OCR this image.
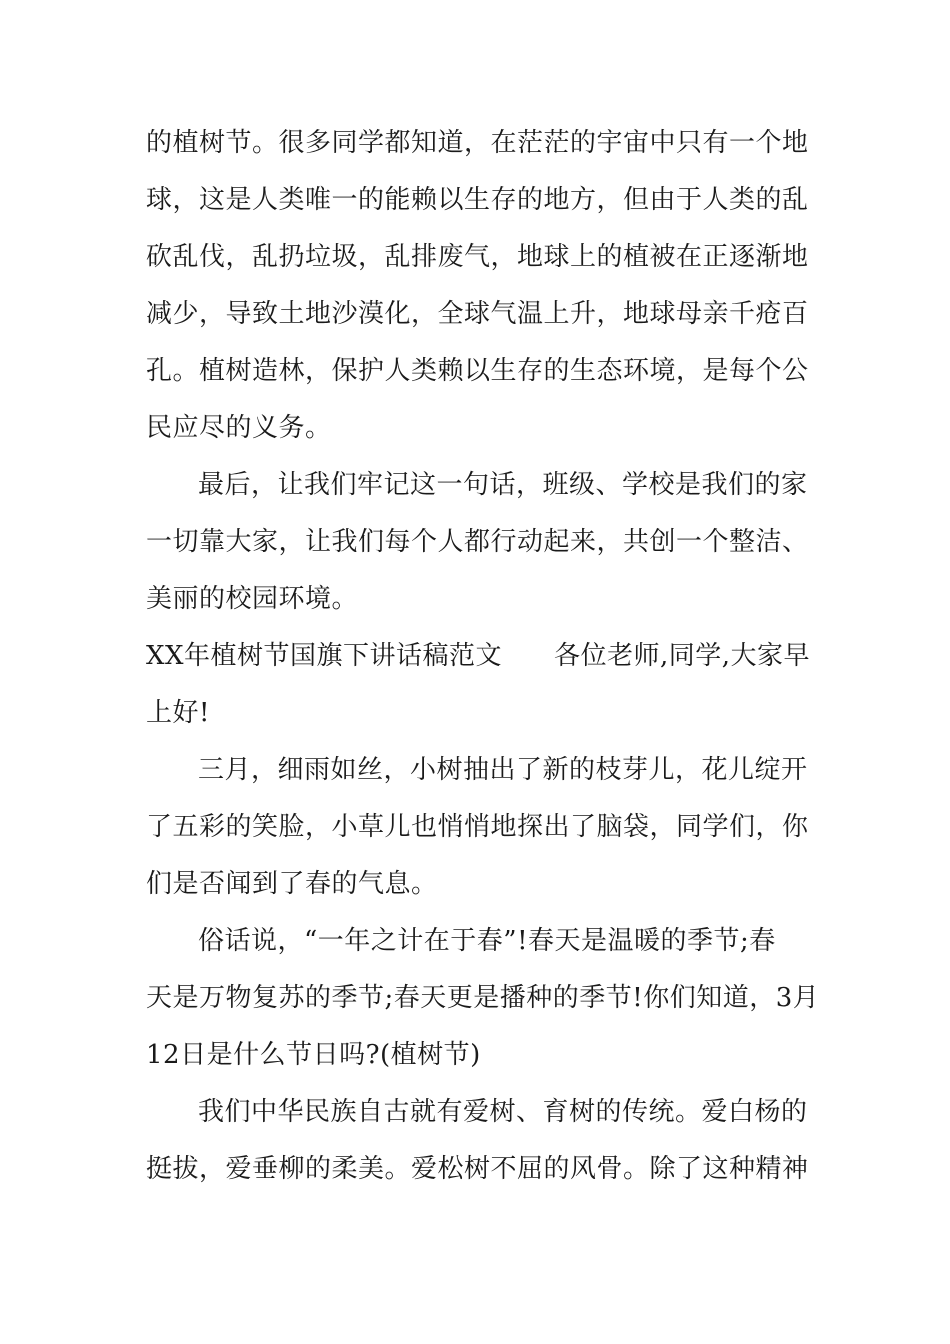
的植树节。很多同学都知道，在茫茫的宇宙中只有一个地
球，这是人类唯一的能赖以生存的地方，但由于人类的乱
砍乱伐，乱扔垃圾，乱排废气，地球上的植被在正逐渐地
减少，导致土地沙漠化，全球气温上升，地球母亲千疮百
孔。植树造林，保护人类赖以生存的生态环境，是每个公
民应尽的义务。
最后，让我们牢记这一句话，班级、学校是我们的家
一切靠大家，让我们每个人都行动起来，共创一个整洁、
美丽的校园环境。
XX年植树节国旗下讲话稿范文 各位老师,同学,大家早
上好!
三月，细雨如丝，小树抽出了新的枝芽儿，花儿绽开
了五彩的笑脸，小草儿也悄悄地探出了脑袋，同学们，你
们是否闻到了春的气息。
俗话说，“一年之计在于春”!春天是温暖的季节;春
天是万物复苏的季节;春天更是播种的季节!你们知道，3月
12日是什么节日吗?(植树节)
我们中华民族自古就有爱树、育树的传统。爱白杨的
挺拔，爱垂柳的柔美。爱松树不屈的风骨。除了这种精神
